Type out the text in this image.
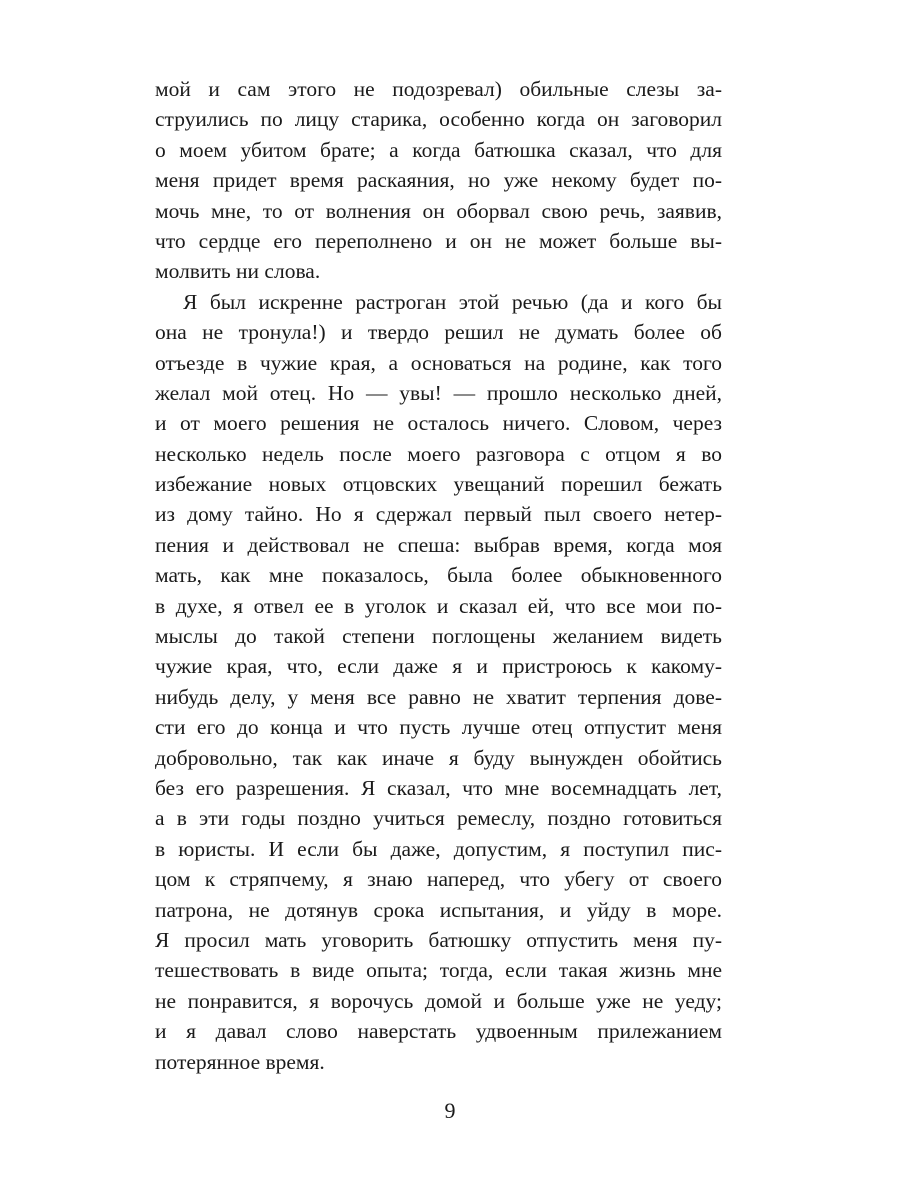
мой и сам этого не подозревал) обильные слезы за-
струились по лицу старика, особенно когда он заговорил
о моем убитом брате; а когда батюшка сказал, что для
меня придет время раскаяния, но уже некому будет по-
мочь мне, то от волнения он оборвал свою речь, заявив,
что сердце его переполнено и он не может больше вы-
молвить ни слова.
Я был искренне растроган этой речью (да и кого бы
она не тронула!) и твердо решил не думать более об
отъезде в чужие края, а основаться на родине, как того
желал мой отец. Но — увы! — прошло несколько дней,
и от моего решения не осталось ничего. Словом, через
несколько недель после моего разговора с отцом я во
избежание новых отцовских увещаний порешил бежать
из дому тайно. Но я сдержал первый пыл своего нетер-
пения и действовал не спеша: выбрав время, когда моя
мать, как мне показалось, была более обыкновенного
в духе, я отвел ее в уголок и сказал ей, что все мои по-
мыслы до такой степени поглощены желанием видеть
чужие края, что, если даже я и пристроюсь к какому-
нибудь делу, у меня все равно не хватит терпения дове-
сти его до конца и что пусть лучше отец отпустит меня
добровольно, так как иначе я буду вынужден обойтись
без его разрешения. Я сказал, что мне восемнадцать лет,
а в эти годы поздно учиться ремеслу, поздно готовиться
в юристы. И если бы даже, допустим, я поступил пис-
цом к стряпчему, я знаю наперед, что убегу от своего
патрона, не дотянув срока испытания, и уйду в море.
Я просил мать уговорить батюшку отпустить меня пу-
тешествовать в виде опыта; тогда, если такая жизнь мне
не понравится, я ворочусь домой и больше уже не уеду;
и я давал слово наверстать удвоенным прилежанием
потерянное время.
9
